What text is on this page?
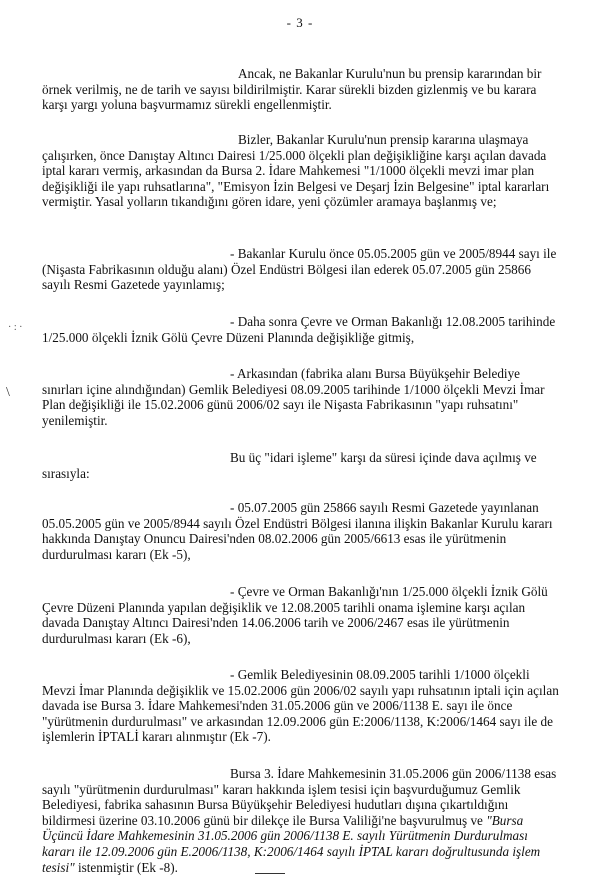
- 3 -
· : ·
\

Ancak, ne Bakanlar Kurulu'nun bu prensip kararından bir örnek verilmiş, ne de tarih ve sayısı bildirilmiştir. Karar sürekli bizden gizlenmiş ve bu karara karşı yargı yoluna başvurmamız sürekli engellenmiştir.

Bizler, Bakanlar Kurulu'nun prensip kararına ulaşmaya çalışırken, önce Danıştay Altıncı Dairesi 1/25.000 ölçekli plan değişikliğine karşı açılan davada iptal kararı vermiş, arkasından da Bursa 2. İdare Mahkemesi "1/1000 ölçekli mevzi imar plan değişikliği ile yapı ruhsatlarına", "Emisyon İzin Belgesi ve Deşarj İzin Belgesine" iptal kararları vermiştir. Yasal yolların tıkandığını gören idare, yeni çözümler aramaya başlanmış ve;

- Bakanlar Kurulu önce 05.05.2005 gün ve 2005/8944 sayı ile (Nişasta Fabrikasının olduğu alanı) Özel Endüstri Bölgesi ilan ederek 05.07.2005 gün 25866 sayılı Resmi Gazetede yayınlamış;

- Daha sonra Çevre ve Orman Bakanlığı 12.08.2005 tarihinde 1/25.000 ölçekli İznik Gölü Çevre Düzeni Planında değişikliğe gitmiş,

- Arkasından (fabrika alanı Bursa Büyükşehir Belediye sınırları içine alındığından) Gemlik Belediyesi 08.09.2005 tarihinde 1/1000 ölçekli Mevzi İmar Plan değişikliği ile 15.02.2006 günü 2006/02 sayı ile Nişasta Fabrikasının "yapı ruhsatını" yenilemiştir.

Bu üç "idari işleme" karşı da süresi içinde dava açılmış ve sırasıyla:

- 05.07.2005 gün 25866 sayılı Resmi Gazetede yayınlanan 05.05.2005 gün ve 2005/8944 sayılı Özel Endüstri Bölgesi ilanına ilişkin Bakanlar Kurulu kararı hakkında Danıştay Onuncu Dairesi'nden 08.02.2006 gün 2005/6613 esas ile yürütmenin durdurulması kararı (Ek -5),

- Çevre ve Orman Bakanlığı'nın 1/25.000 ölçekli İznik Gölü Çevre Düzeni Planında yapılan değişiklik ve 12.08.2005 tarihli onama işlemine karşı açılan davada Danıştay Altıncı Dairesi'nden 14.06.2006 tarih ve 2006/2467 esas ile yürütmenin durdurulması kararı (Ek -6),

- Gemlik Belediyesinin 08.09.2005 tarihli 1/1000 ölçekli Mevzi İmar Planında değişiklik ve 15.02.2006 gün 2006/02 sayılı yapı ruhsatının iptali için açılan davada ise Bursa 3. İdare Mahkemesi'nden 31.05.2006 gün ve 2006/1138 E. sayı ile önce "yürütmenin durdurulması" ve arkasından 12.09.2006 gün E:2006/1138, K:2006/1464 sayı ile de işlemlerin İPTALİ kararı alınmıştır (Ek -7).

Bursa 3. İdare Mahkemesinin 31.05.2006 gün 2006/1138 esas sayılı "yürütmenin durdurulması" kararı hakkında işlem tesisi için başvurduğumuz Gemlik Belediyesi, fabrika sahasının Bursa Büyükşehir Belediyesi hudutları dışına çıkartıldığını bildirmesi üzerine 03.10.2006 günü bir dilekçe ile Bursa Valiliği'ne başvurulmuş ve "Bursa Üçüncü İdare Mahkemesinin 31.05.2006 gün 2006/1138 E. sayılı Yürütmenin Durdurulması kararı ile 12.09.2006 gün E.2006/1138, K:2006/1464 sayılı İPTAL kararı doğrultusunda işlem tesisi" istenmiştir (Ek -8).
